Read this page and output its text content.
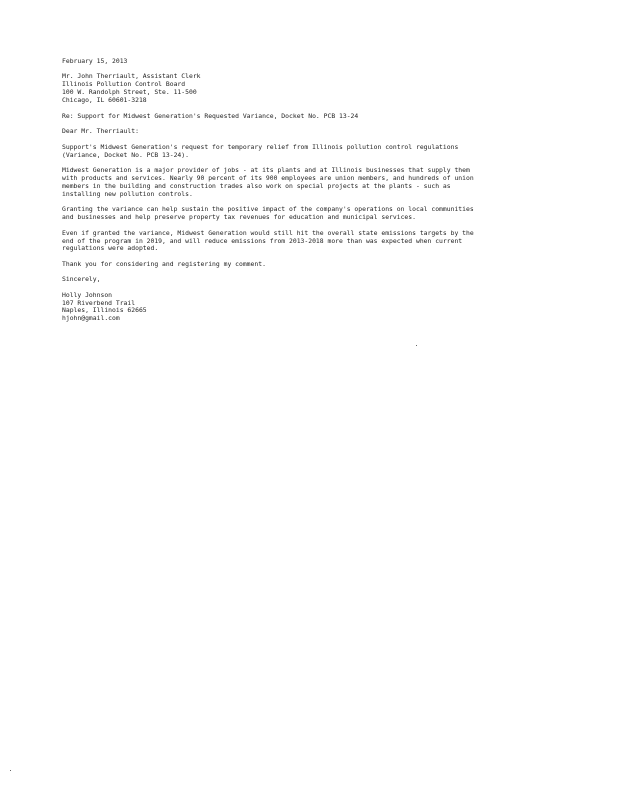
February 15, 2013
Mr. John Therriault, Assistant Clerk
Illinois Pollution Control Board
100 W. Randolph Street, Ste. 11-500
Chicago, IL 60601-3218
Re: Support for Midwest Generation's Requested Variance, Docket No. PCB 13-24
Dear Mr. Therriault:
Support's Midwest Generation's request for temporary relief from Illinois pollution control regulations
(Variance, Docket No. PCB 13-24).
Midwest Generation is a major provider of jobs - at its plants and at Illinois businesses that supply them
with products and services. Nearly 90 percent of its 900 employees are union members, and hundreds of union
members in the building and construction trades also work on special projects at the plants - such as
installing new pollution controls.
Granting the variance can help sustain the positive impact of the company's operations on local communities
and businesses and help preserve property tax revenues for education and municipal services.
Even if granted the variance, Midwest Generation would still hit the overall state emissions targets by the
end of the program in 2019, and will reduce emissions from 2013-2018 more than was expected when current
regulations were adopted.
Thank you for considering and registering my comment.
Sincerely,
Holly Johnson
107 Riverbend Trail
Naples, Illinois 62665
hjohn@gmail.com
